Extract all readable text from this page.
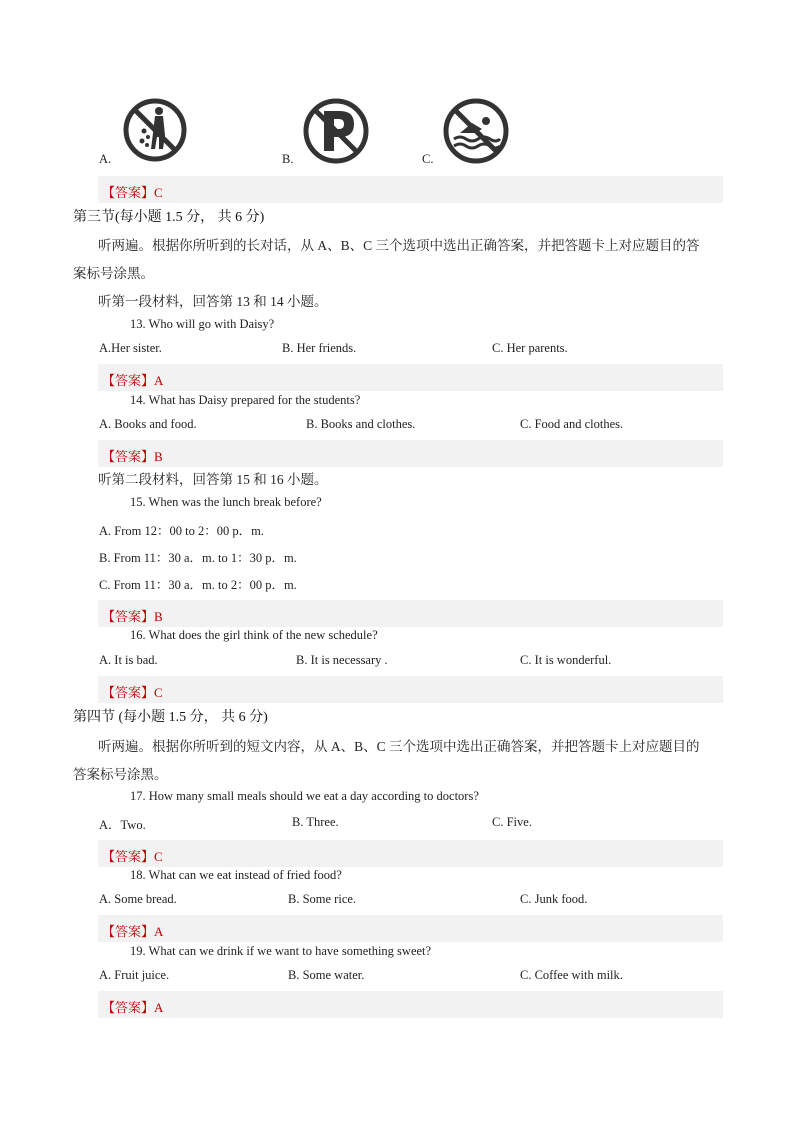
A.	B.	C.
【答案】C
第三节(每小题 1.5 分， 共 6 分)
听两遍。根据你所听到的长对话，从 A、B、C 三个选项中选出正确答案，并把答题卡上对应题目的答
案标号涂黑。
听第一段材料，回答第 13 和 14 小题。
13. Who will go with Daisy?
A.Her sister.	B. Her friends.	C. Her parents.
【答案】A
14. What has Daisy prepared for the students?
A. Books and food.	B. Books and clothes.	C. Food and clothes.
【答案】B
听第二段材料，回答第 15 和 16 小题。
15. When was the lunch break before?
A. From 12：00 to 2：00 p．m.
B. From 11：30 a．m. to 1：30 p．m.
C. From 11：30 a．m. to 2：00 p．m.
【答案】B
16. What does the girl think of the new schedule?
A. It is bad.	B. It is necessary .	C. It is wonderful.
【答案】C
第四节 (每小题 1.5 分， 共 6 分)
听两遍。根据你所听到的短文内容，从 A、B、C 三个选项中选出正确答案，并把答题卡上对应题目的
答案标号涂黑。
17. How many small meals should we eat a day according to doctors?
A．Two.	B. Three.	C. Five.
【答案】C
18. What can we eat instead of fried food?
A. Some bread.	B. Some rice.	C. Junk food.
【答案】A
19. What can we drink if we want to have something sweet?
A. Fruit juice.	B. Some water.	C. Coffee with milk.
【答案】A
